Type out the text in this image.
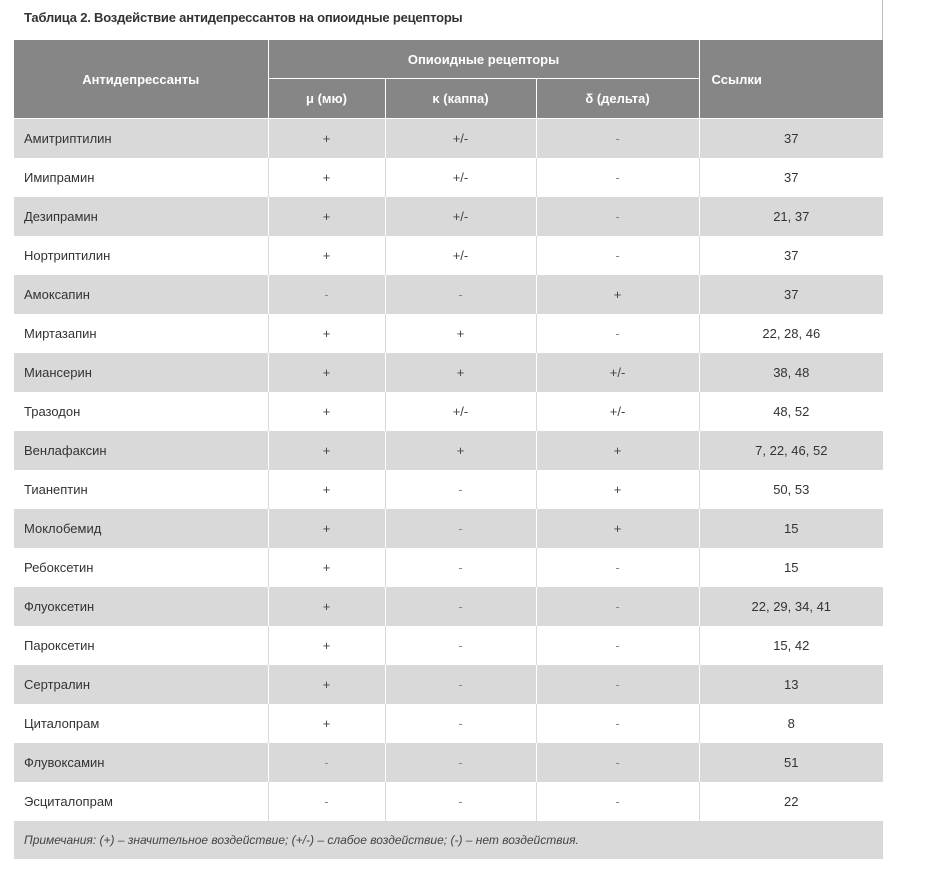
Таблица 2. Воздействие антидепрессантов на опиоидные рецепторы
Антидепрессанты	Опиоидные рецепторы			Ссылки
	μ (мю)	κ (каппа)	δ (дельта)	
Амитриптилин	+	+/-	-	37
Имипрамин	+	+/-	-	37
Дезипрамин	+	+/-	-	21, 37
Нортриптилин	+	+/-	-	37
Амоксапин	-	-	+	37
Миртазапин	+	+	-	22, 28, 46
Миансерин	+	+	+/-	38, 48
Тразодон	+	+/-	+/-	48, 52
Венлафаксин	+	+	+	7, 22, 46, 52
Тианептин	+	-	+	50, 53
Моклобемид	+	-	+	15
Ребоксетин	+	-	-	15
Флуоксетин	+	-	-	22, 29, 34, 41
Пароксетин	+	-	-	15, 42
Сертралин	+	-	-	13
Циталопрам	+	-	-	8
Флувоксамин	-	-	-	51
Эсциталопрам	-	-	-	22
Примечания: (+) – значительное воздействие; (+/-) – слабое воздействие; (-) – нет воздействия.
